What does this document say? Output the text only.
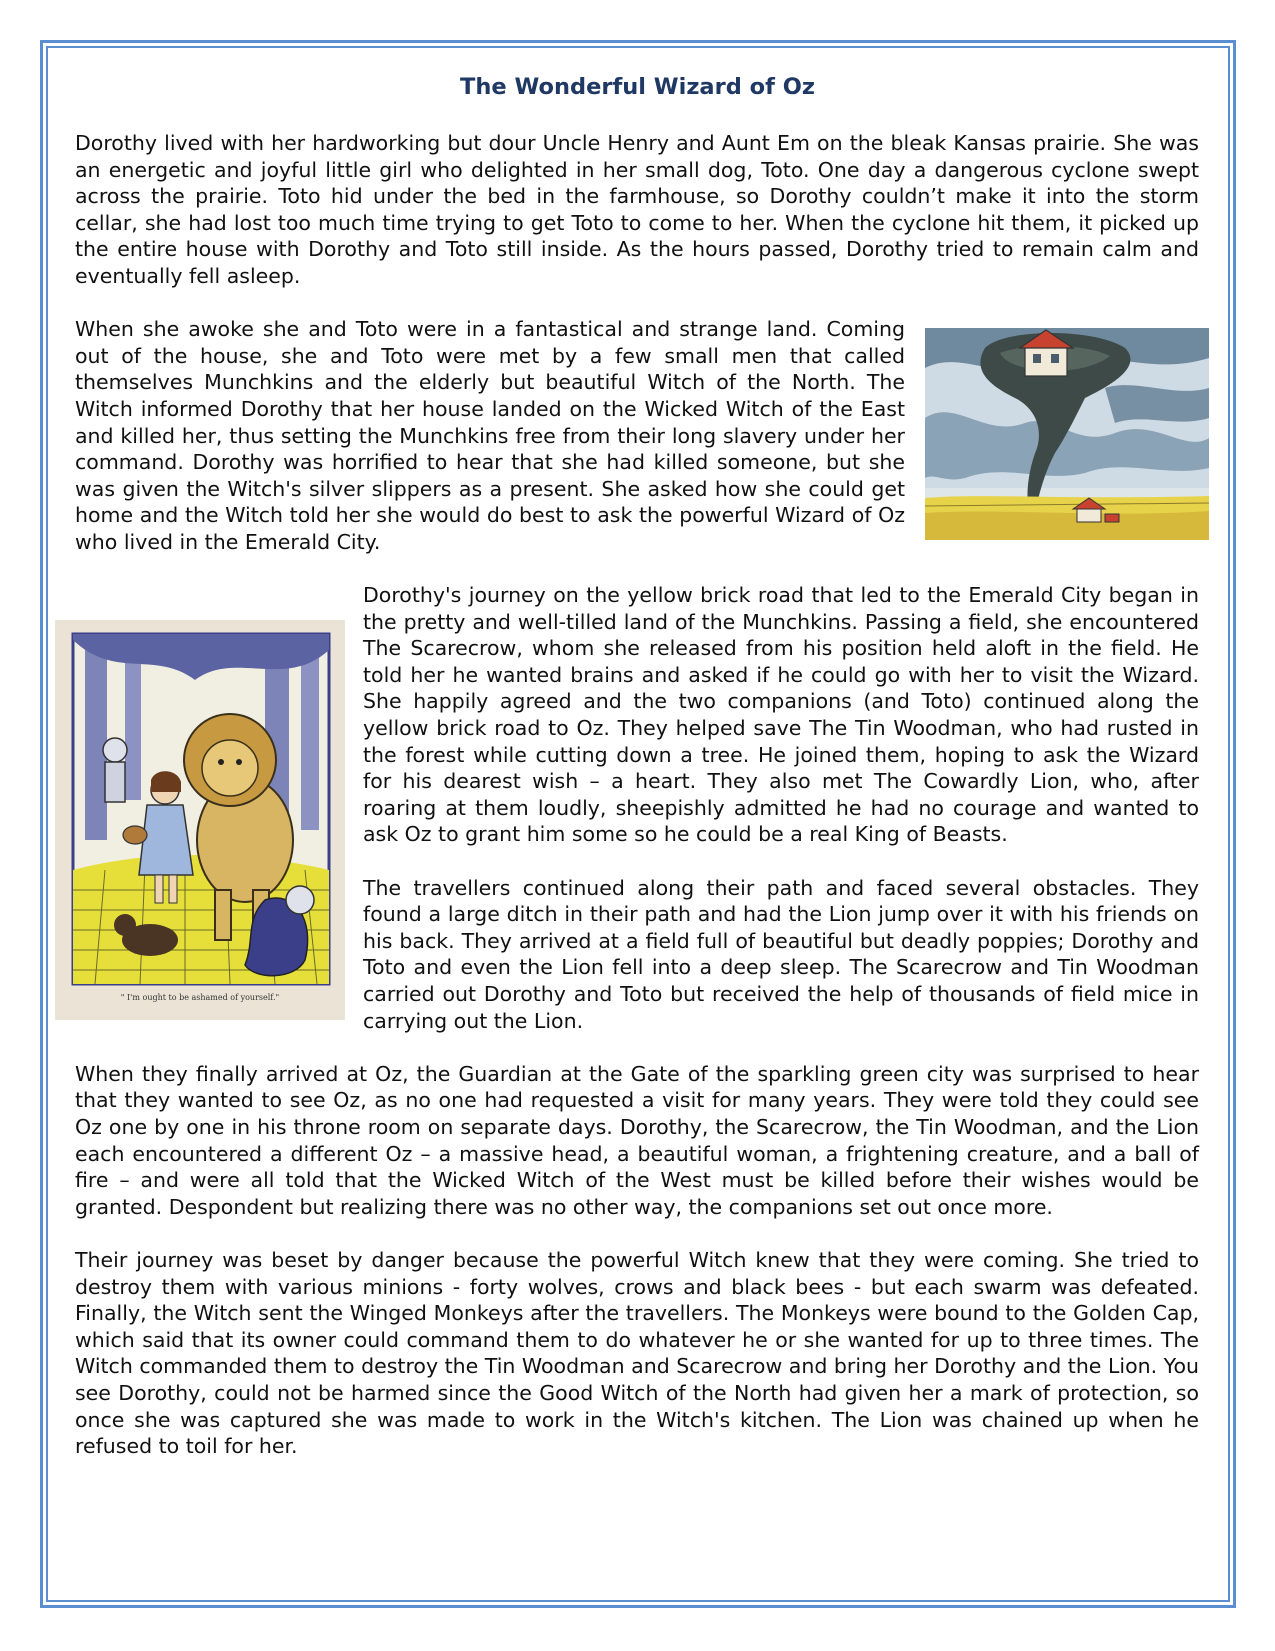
The Wonderful Wizard of Oz

Dorothy lived with her hardworking but dour Uncle Henry and Aunt Em on the bleak Kansas prairie. She was an energetic and joyful little girl who delighted in her small dog, Toto. One day a dangerous cyclone swept across the prairie. Toto hid under the bed in the farmhouse, so Dorothy couldn’t make it into the storm cellar, she had lost too much time trying to get Toto to come to her. When the cyclone hit them, it picked up the entire house with Dorothy and Toto still inside. As the hours passed, Dorothy tried to remain calm and eventually fell asleep.

When she awoke she and Toto were in a fantastical and strange land. Coming out of the house, she and Toto were met by a few small men that called themselves Munchkins and the elderly but beautiful Witch of the North. The Witch informed Dorothy that her house landed on the Wicked Witch of the East and killed her, thus setting the Munchkins free from their long slavery under her command. Dorothy was horrified to hear that she had killed someone, but she was given the Witch's silver slippers as a present. She asked how she could get home and the Witch told her she would do best to ask the powerful Wizard of Oz who lived in the Emerald City.

" I'm ought to be ashamed of yourself."

Dorothy's journey on the yellow brick road that led to the Emerald City began in the pretty and well-tilled land of the Munchkins. Passing a field, she encountered The Scarecrow, whom she released from his position held aloft in the field. He told her he wanted brains and asked if he could go with her to visit the Wizard. She happily agreed and the two companions (and Toto) continued along the yellow brick road to Oz. They helped save The Tin Woodman, who had rusted in the forest while cutting down a tree. He joined them, hoping to ask the Wizard for his dearest wish – a heart. They also met The Cowardly Lion, who, after roaring at them loudly, sheepishly admitted he had no courage and wanted to ask Oz to grant him some so he could be a real King of Beasts.

The travellers continued along their path and faced several obstacles. They found a large ditch in their path and had the Lion jump over it with his friends on his back. They arrived at a field full of beautiful but deadly poppies; Dorothy and Toto and even the Lion fell into a deep sleep. The Scarecrow and Tin Woodman carried out Dorothy and Toto but received the help of thousands of field mice in carrying out the Lion.

When they finally arrived at Oz, the Guardian at the Gate of the sparkling green city was surprised to hear that they wanted to see Oz, as no one had requested a visit for many years. They were told they could see Oz one by one in his throne room on separate days. Dorothy, the Scarecrow, the Tin Woodman, and the Lion each encountered a different Oz – a massive head, a beautiful woman, a frightening creature, and a ball of fire – and were all told that the Wicked Witch of the West must be killed before their wishes would be granted. Despondent but realizing there was no other way, the companions set out once more.

Their journey was beset by danger because the powerful Witch knew that they were coming. She tried to destroy them with various minions - forty wolves, crows and black bees - but each swarm was defeated. Finally, the Witch sent the Winged Monkeys after the travellers. The Monkeys were bound to the Golden Cap, which said that its owner could command them to do whatever he or she wanted for up to three times. The Witch commanded them to destroy the Tin Woodman and Scarecrow and bring her Dorothy and the Lion. You see Dorothy, could not be harmed since the Good Witch of the North had given her a mark of protection, so once she was captured she was made to work in the Witch's kitchen. The Lion was chained up when he refused to toil for her.
